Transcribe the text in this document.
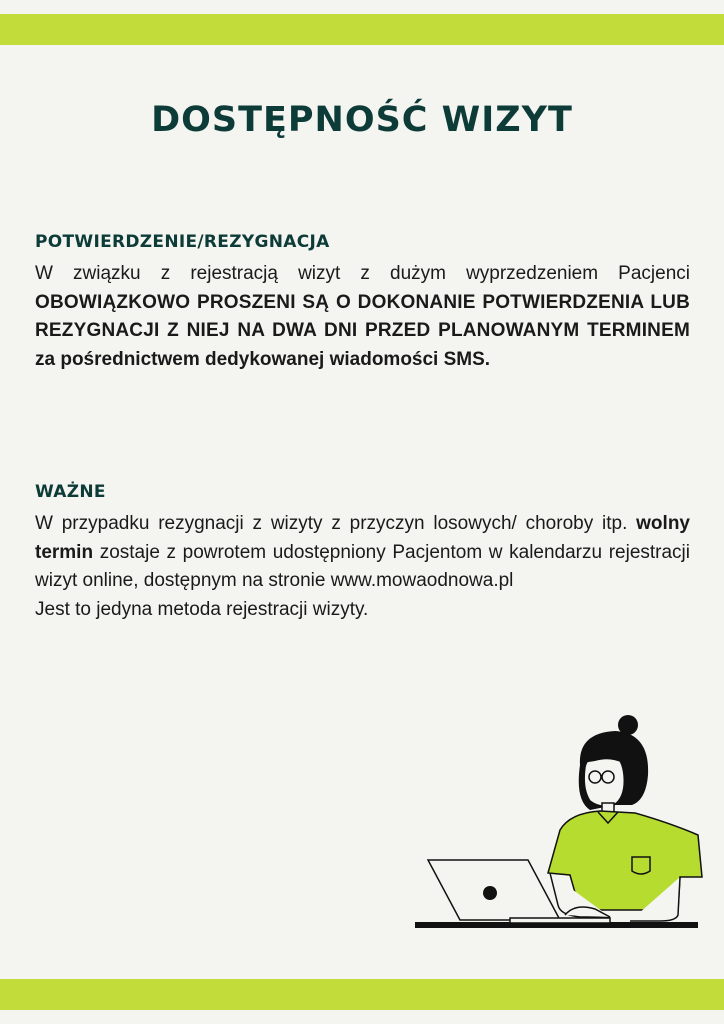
DOSTĘPNOŚĆ WIZYT
POTWIERDZENIE/REZYGNACJA

W związku z rejestracją wizyt z dużym wyprzedzeniem Pacjenci OBOWIĄZKOWO PROSZENI SĄ O DOKONANIE POTWIERDZENIA LUB REZYGNACJI Z NIEJ NA DWA DNI PRZED PLANOWANYM TERMINEM za pośrednictwem dedykowanej wiadomości SMS.

WAŻNE

W przypadku rezygnacji z wizyty z przyczyn losowych/ choroby itp. wolny termin zostaje z powrotem udostępniony Pacjentom w kalendarzu rejestracji wizyt online, dostępnym na stronie www.mowaodnowa.pl

Jest to jedyna metoda rejestracji wizyty.
